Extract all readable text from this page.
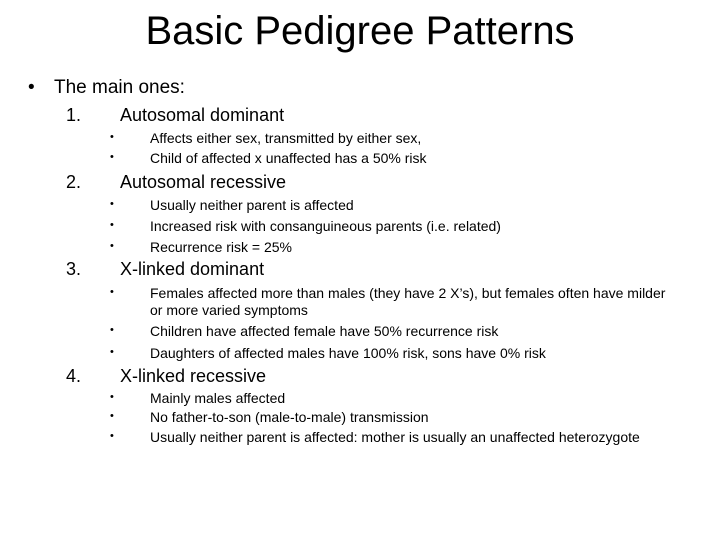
Basic Pedigree Patterns
• The main ones:
1. Autosomal dominant
•	Affects either sex, transmitted by either sex,
•	Child of affected x unaffected has a 50% risk
2. Autosomal recessive
•	Usually neither parent is affected
•	Increased risk with consanguineous parents (i.e. related)
•	Recurrence risk = 25%
3. X-linked dominant
•	Females affected more than males (they have 2 X’s), but females often have milder or more varied symptoms
•	Children have affected female have 50% recurrence risk
•	Daughters of affected males have 100% risk, sons have 0% risk
4. X-linked recessive
•	Mainly males affected
•	No father-to-son (male-to-male) transmission
•	Usually neither parent is affected: mother is usually an unaffected heterozygote
